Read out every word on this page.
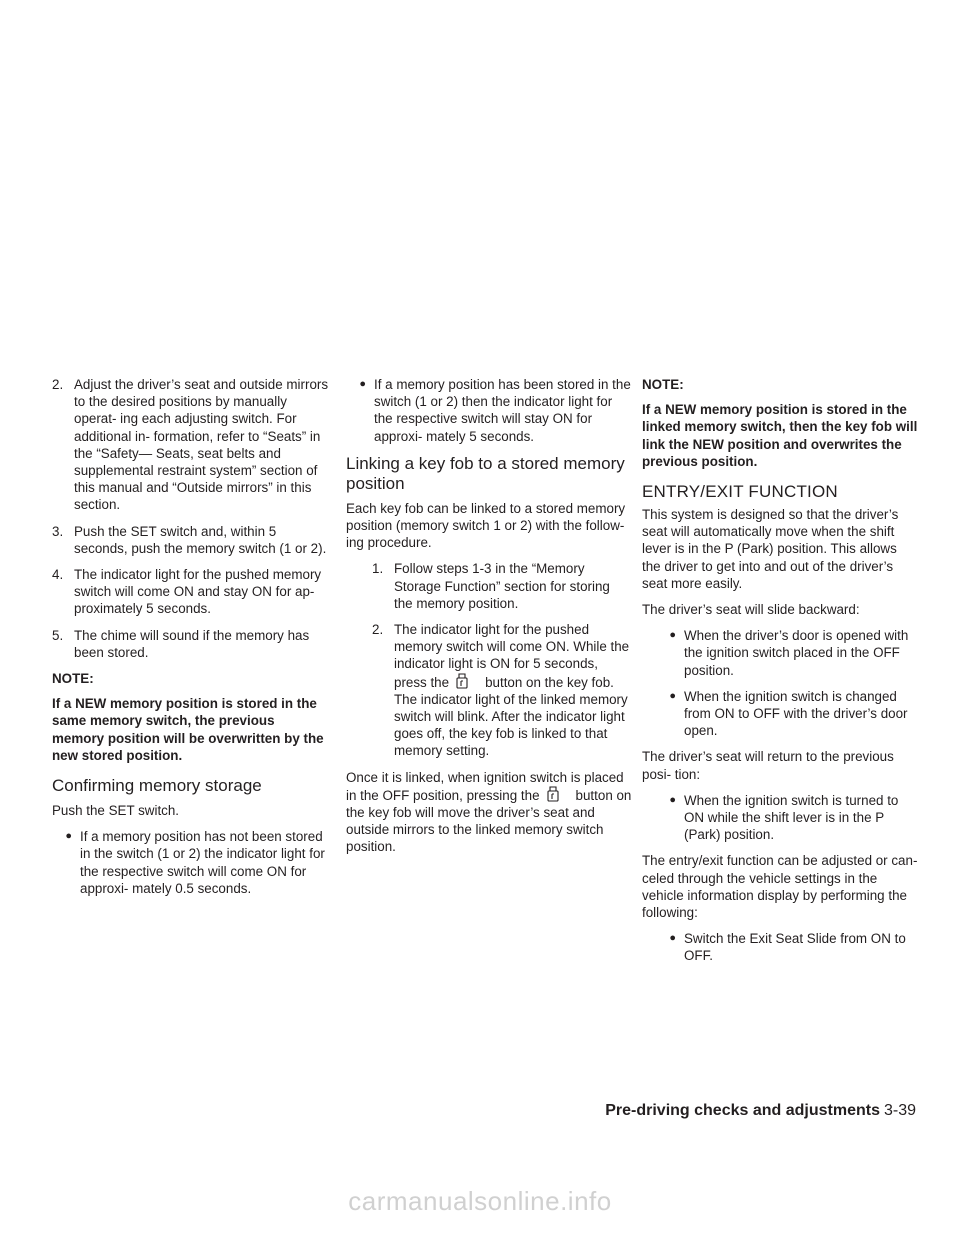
2. Adjust the driver’s seat and outside mirrors to the desired positions by manually operat- ing each adjusting switch. For additional in- formation, refer to “Seats” in the “Safety— Seats, seat belts and supplemental restraint system” section of this manual and “Outside mirrors” in this section.
3. Push the SET switch and, within 5 seconds, push the memory switch (1 or 2).
4. The indicator light for the pushed memory switch will come ON and stay ON for ap- proximately 5 seconds.
5. The chime will sound if the memory has been stored.

NOTE:

If a NEW memory position is stored in the same memory switch, the previous memory position will be overwritten by the new stored position.

Confirming memory storage

Push the SET switch.

● If a memory position has not been stored in the switch (1 or 2) the indicator light for the respective switch will come ON for approxi- mately 0.5 seconds.
● If a memory position has been stored in the switch (1 or 2) then the indicator light for the respective switch will stay ON for approxi- mately 5 seconds.
Linking a key fob to a stored memory position

Each key fob can be linked to a stored memory position (memory switch 1 or 2) with the follow- ing procedure.

1. Follow steps 1-3 in the “Memory Storage Function” section for storing the memory position.
2. The indicator light for the pushed memory switch will come ON. While the indicator light is ON for 5 seconds, press the	button on the key fob. The indicator light of the linked memory switch will blink. After the indicator light goes off, the key fob is linked to that memory setting.

Once it is linked, when ignition switch is placed in the OFF position, pressing the	button on the key fob will move the driver’s seat and outside mirrors to the linked memory switch position.

NOTE:

If a NEW memory position is stored in the linked memory switch, then the key fob will link the NEW position and overwrites the previous position.

ENTRY/EXIT FUNCTION

This system is designed so that the driver’s seat will automatically move when the shift lever is in the P (Park) position. This allows the driver to get into and out of the driver’s seat more easily.

The driver’s seat will slide backward:

● When the driver’s door is opened with the ignition switch placed in the OFF position.
● When the ignition switch is changed from ON to OFF with the driver’s door open.

The driver’s seat will return to the previous posi- tion:

● When the ignition switch is turned to ON while the shift lever is in the P (Park) position.

The entry/exit function can be adjusted or can- celed through the vehicle settings in the vehicle information display by performing the following:

● Switch the Exit Seat Slide from ON to OFF.
Pre-driving checks and adjustments 3-39
carmanualsonline.info
